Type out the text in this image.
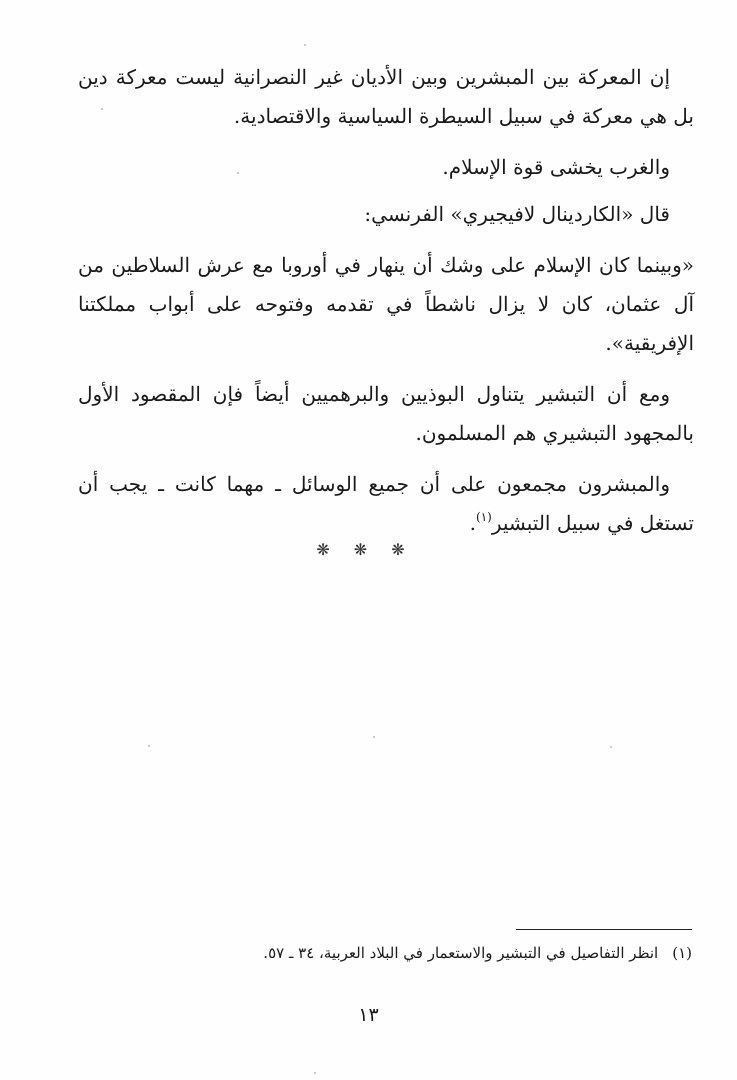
إن المعركة بين المبشرين وبين الأديان غير النصرانية ليست معركة دين بل هي معركة في سبيل السيطرة السياسية والاقتصادية.

والغرب يخشى قوة الإسلام.

قال «الكاردينال لافيجيري» الفرنسي:

«وبينما كان الإسلام على وشك أن ينهار في أوروبا مع عرش السلاطين من آل عثمان، كان لا يزال ناشطاً في تقدمه وفتوحه على أبواب مملكتنا الإفريقية».

ومع أن التبشير يتناول البوذيين والبرهميين أيضاً فإن المقصود الأول بالمجهود التبشيري هم المسلمون.

والمبشرون مجمعون على أن جميع الوسائل ـ مهما كانت ـ يجب أن تستغل في سبيل التبشير$^{(١)}$.

❋ ❋ ❋
(١)انظر التفاصيل في التبشير والاستعمار في البلاد العربية، ٣٤ ـ ٥٧.
١٣
